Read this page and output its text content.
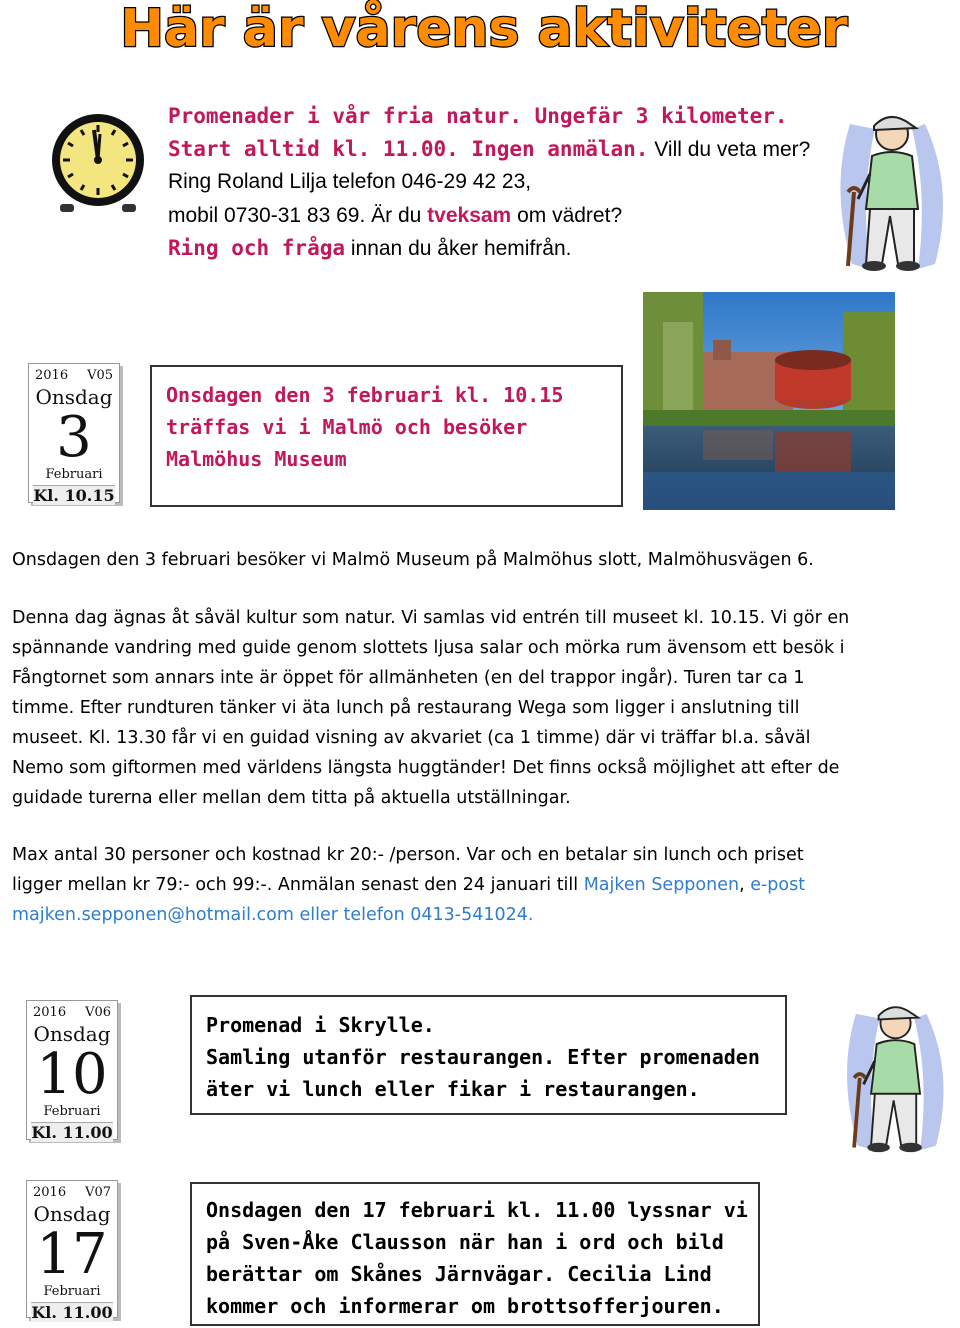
Här är vårens aktiviteter
Promenader i vår fria natur. Ungefär 3 kilometer.
Start alltid kl. 11.00. Ingen anmälan. Vill du veta mer?
Ring Roland Lilja telefon 046-29 42 23,
mobil 0730-31 83 69. Är du tveksam om vädret?
Ring och fråga innan du åker hemifrån.
2016 V05
Onsdag
3
Februari
Kl. 10.15
Onsdagen den 3 februari kl. 10.15
träffas vi i Malmö och besöker
Malmöhus Museum
Onsdagen den 3 februari besöker vi Malmö Museum på Malmöhus slott, Malmöhusvägen 6.
Denna dag ägnas åt såväl kultur som natur. Vi samlas vid entrén till museet kl. 10.15. Vi gör en
spännande vandring med guide genom slottets ljusa salar och mörka rum ävensom ett besök i
Fångtornet som annars inte är öppet för allmänheten (en del trappor ingår). Turen tar ca 1
timme. Efter rundturen tänker vi äta lunch på restaurang Wega som ligger i anslutning till
museet. Kl. 13.30 får vi en guidad visning av akvariet (ca 1 timme) där vi träffar bl.a. såväl
Nemo som giftormen med världens längsta huggtänder! Det finns också möjlighet att efter de
guidade turerna eller mellan dem titta på aktuella utställningar.
Max antal 30 personer och kostnad kr 20:- /person. Var och en betalar sin lunch och priset
ligger mellan kr 79:- och 99:-. Anmälan senast den 24 januari till Majken Sepponen, e-post
majken.sepponen@hotmail.com eller telefon 0413-541024.
2016 V06
Onsdag
10
Februari
Kl. 11.00
Promenad i Skrylle.
Samling utanför restaurangen. Efter promenaden
äter vi lunch eller fikar i restaurangen.
2016 V07
Onsdag
17
Februari
Kl. 11.00
Onsdagen den 17 februari kl. 11.00 lyssnar vi
på Sven-Åke Clausson när han i ord och bild
berättar om Skånes Järnvägar. Cecilia Lind
kommer och informerar om brottsofferjouren.
